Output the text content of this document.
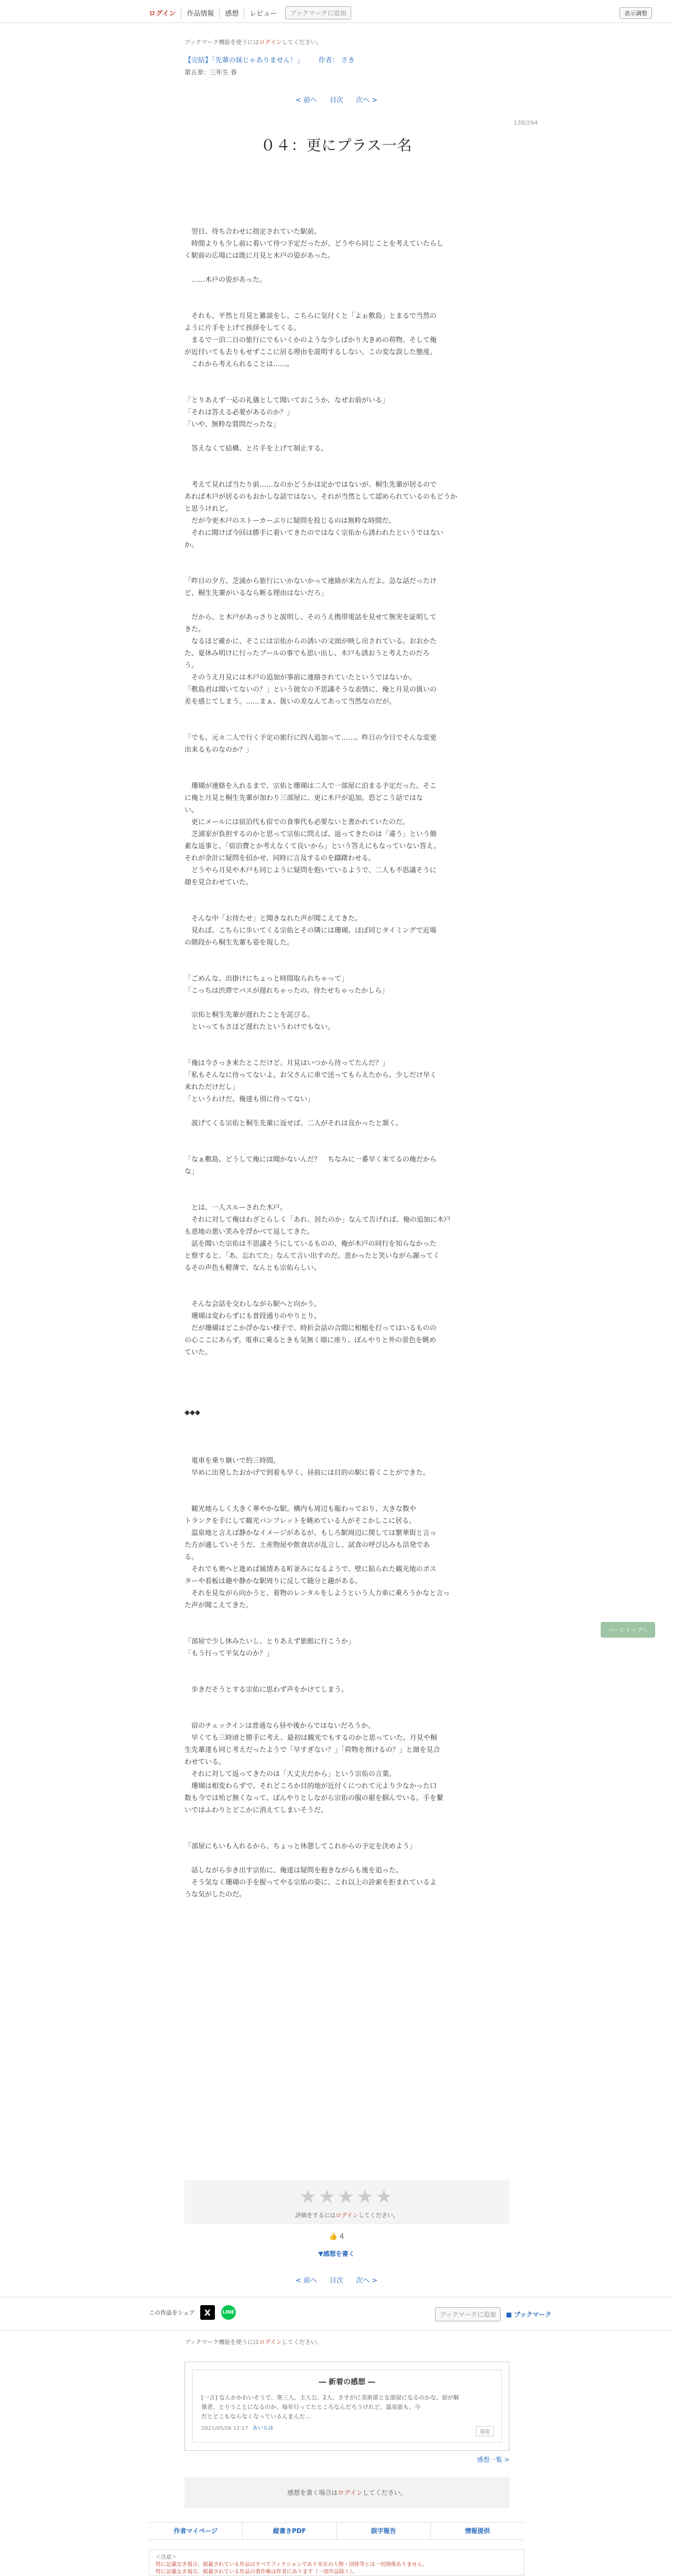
ログイン	作品情報	感想	レビュー	ブックマークに追加	表示調整
ブックマーク機能を使うにはログインしてください。
【完結】「先輩の妹じゃありません！」 作者： さき
第五章：三年生 春
< 前へ 目次 次へ >
138/294
０４：更にプラス一名

　翌日、待ち合わせに指定されていた駅前。

　時間よりも少し前に着いて待つ予定だったが、どうやら同じことを考えていたらし

く駅前の広場には既に月見と木戸の姿があった。

　……木戸の姿があった。

　それも、平然と月見と雑談をし、こちらに気付くと「よぉ敷島」とまるで当然の

ように片手を上げて挨拶をしてくる。

　まるで一泊二日の旅行にでもいくかのような少しばかり大きめの荷物。そして俺

が近付いても去りもせずここに居る理由を説明するしない。この変な誤した態度。

　これから考えられることは……。

「とりあえず一応の礼儀として聞いておこうか、なぜお前がいる」

「それは答える必要があるのか？」

「いや、無粋な質問だったな」

　答えなくて結構、と片手を上げて制止する。

　考えて見れば当たり前……なのかどうかは定かではないが、桐生先輩が居るので

あれば木戸が居るのもおかしな話ではない。それが当然として認められているのもどうか

と思うけれど。

　だが今更木戸のストーカーぶりに疑問を投じるのは無粋な時間だ。

　それに聞けば今回は勝手に着いてきたのではなく宗佑から誘われたというではない

か。

「昨日の夕方、芝浦から旅行にいかないかって連絡が来たんだよ。急な話だったけ

ど、桐生先輩がいるなら断る理由はないだろ」

　だから、と木戸があっさりと説明し、そのうえ携帯電話を見せて無実を証明して

きた。

　なるほど確かに、そこには宗佑からの誘いの文面が映し出されている。おおかた

た、夏休み明けに行ったプールの事でも思い出し、木戸も誘おうと考えたのだろ

う。

　そのうえ月見には木戸の追加が事前に連絡されていたというではないか。

「敷島君は聞いてないの？」という彼女の不思議そうな表情に、俺と月見の扱いの

差を感じてしまう。……まぁ、扱いの差なんてあって当然なのだが。

「でも、元々二人で行く予定の旅行に四人追加って……。昨日の今日でそんな変更

出来るものなのか？」

　珊瑚が連絡を入れるまで、宗佑と珊瑚は二人で一部屋に泊まる予定だった。そこ

に俺と月見と桐生先輩が加わり三部屋に、更に木戸が追加。恐どこう話ではな

い。

　更にメールには宿泊代も宿での食事代も必要ないと書かれていたのだ。

　芝浦家が負担するのかと思って宗佑に問えば、返ってきたのは「違う」という簡

素な返事と、「宿泊費とか考えなくて良いから」という答えにもなっていない答え。

それが余計に疑問を招かせ、同時に言及するのを躊躇わせる。

　どうやら月見や木戸も同じように疑問を抱いているようで、二人も不思議そうに

顔を見合わせていた。

　そんな中「お待たせ」と聞きなれた声が聞こえてきた。

　見れば、こちらに歩いてくる宗佑とその隣には珊瑚。ほぼ同じタイミングで近場

の階段から桐生先輩も姿を現した。

「ごめんな、出掛けにちょっと時間取られちゃって」

「こっちは渋滞でバスが遅れちゃったの。待たせちゃったかしら」

　宗佑と桐生先輩が遅れたことを詫びる。

　といってもさほど遅れたというわけでもない。

「俺は今さっき来たとこだけど。月見はいつから待ってたんだ？」

「私もそんなに待ってないよ。お父さんに車で送ってもらえたから、少しだけ早く

来れただけだし」

「というわけだ。俺達も別に待ってない」

　説げてくる宗佑と桐生先輩に返せば、二人がそれは良かったと頷く。

「なぁ敷島、どうして俺には聞かないんだ？　ちなみに一番早く来てるの俺だから

な」

　とは、一人スルーされた木戸。

　それに対して俺はわざとらしく「あれ、居たのか」なんて告げれば、俺の追加に木戸

も意地の悪い笑みを浮かべて返してきた。

　話を聞いた宗佑は不思議そうにしているものの、俺が木戸の同行を知らなかった

と察すると、「あ、忘れてた」なんて言い出すのだ。意かったと笑いながら謝ってく

るその声色も軽薄で、なんとも宗佑らしい。

　そんな会話を交わしながら駅へと向かう。

　珊瑚は変わらずにも普段通りのやりとり。

　だが珊瑚はどこか浮かない様子で、時折会話の合間に相槌を打ってはいるものの

の心ここにあらず。電車に乗るときも気無く端に座り、ぼんやりと外の景色を眺め

ていた。

◆◆◆

　電車を乗り継いで約三時間。

　早めに出発したおかげで到着も早く、昼前には目的の駅に着くことができた。

　観光地らしく大きく華やかな駅。構内も周辺も賑わっており、大きな数や

トランクを手にして観光パンフレットを眺めている人がそこかしこに居る。

　温泉地と言えば静かなイメージがあるが、もしろ駅周辺に関しては繁華街と言っ

た方が適していそうだ。土産物屋や飲食店が乱立し、試食の呼び込みも活発であ

る。

　それでも奥へと進めば風情ある町並みになるようで、壁に貼られた観光地のポス

ターや看板は趣や静かな駅周りに反して随分と趣がある。

　それを見ながら向かうと、着物のレンタルをしようという人力車に乗ろうかなと言っ

た声が聞こえてきた。

「部屋で少し休みたいし、とりあえず旅館に行こうか」

「もう行って平気なのか？」

　歩きだそうとする宗佑に思わず声をかけてしまう。

　宿のチェックインは普通なら昼や後からではないだろうか。

　早くても三時頃と勝手に考え、最初は観光でもするのかと思っていた。月見や桐

生先輩達も同じ考えだったようで「早すぎない？」「荷物を預けるの？」と顔を見合

わせている。

　それに対して返ってきたのは「大丈夫だから」という宗佑の言葉。

　珊瑚は相変わらずで、それどころか目的地が近付くにつれて元より少なかった口

数も今では殆ど無くなって、ぼんやりとしながら宗佑の服の裾を掴んでいる。手を繋

いではふわりとどこかに消えてしまいそうだ。

「部屋にもいも入れるから、ちょっと休憩してこれからの予定を決めよう」

　話しながら歩き出す宗佑に、俺達は疑問を抱きながらも後を追った。

　そう気なく珊瑚の手を握ってやる宗佑の姿に、これ以上の詮索を拒まれているよ

うな気がしたのだ。

ページトップへ
★★★★★
評価をするにはログインしてください。
👍 4
▼感想を書く
< 前へ 目次 次へ >
この作品をシェア	X	LINE	ブックマークに追加	■ ブックマーク
ブックマーク機能を使うにはログインしてください。
― 新着の感想 ―
[一言] なんかかわいそうで、寒三人、主人公、2人、さすがに美術部と女部屋になるのかな、宿が解
係者、とりうことになるのか、毎年行ってたところなんだろうけれど、温泉旅も、今
だとどこもならなくなっているんまんだ…
2021/05/26 12:17 あいらほ
通報
感想一覧 >
感想を書く場合はログインしてください。
作者マイページ	縦書きPDF	誤字報告	情報提供
＜注意＞
特に記載なき場合、掲載されている作品はすべてフィクションであり実在の人物・団体等とは一切関係ありません。
特に記載なき場合、掲載されている作品の著作権は作者にあります（一部作品除く）。
